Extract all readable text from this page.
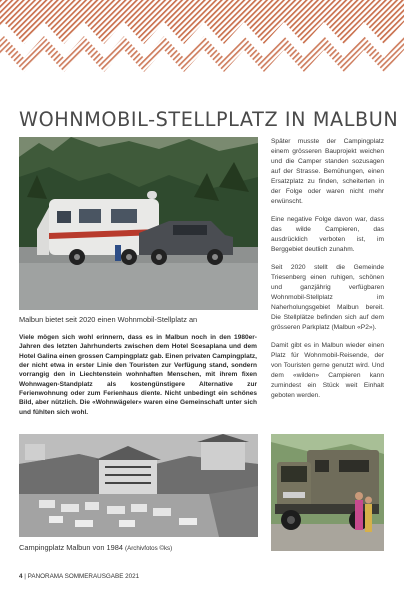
WOHNMOBIL-STELLPLATZ IN MALBUN
Malbun bietet seit 2020 einen Wohnmobil-Stellplatz an

Viele mögen sich wohl erinnern, dass es in Malbun noch in den 1980er-Jahren des letzten Jahrhunderts zwischen dem Hotel Scesaplana und dem Hotel Galina einen grossen Campingplatz gab. Einen privaten Campingplatz, der nicht etwa in erster Linie den Touristen zur Verfügung stand, sondern vorrangig den in Liechtenstein wohnhaften Menschen, mit ihrem fixen Wohnwagen-Standplatz als kostengünstigere Alternative zur Ferienwohnung oder zum Ferienhaus diente. Nicht unbedingt ein schönes Bild, aber nützlich. Die «Wohnwägeler» waren eine Gemeinschaft unter sich und fühlten sich wohl.

Später musste der Campingplatz einem grösseren Bauprojekt weichen und die Camper standen sozusagen auf der Strasse. Bemühungen, einen Ersatzplatz zu finden, scheiterten in der Folge oder waren nicht mehr erwünscht.

Eine negative Folge davon war, dass das wilde Campieren, das ausdrücklich verboten ist, im Berggebiet deutlich zunahm.

Seit 2020 stellt die Gemeinde Triesenberg einen ruhigen, schönen und ganzjährig verfügbaren Wohnmobil-Stellplatz im Naherholungsgebiet Malbun bereit. Die Stellplätze befinden sich auf dem grösseren Parkplatz (Malbun «P2»).

Damit gibt es in Malbun wieder einen Platz für Wohnmobil-Reisende, der von Touristen gerne genutzt wird. Und dem «wilden» Campieren kann zumindest ein Stück weit Einhalt geboten werden.

Campingplatz Malbun von 1984 (Archivfotos ©ks)
4 | PANORAMA SOMMERAUSGABE 2021
